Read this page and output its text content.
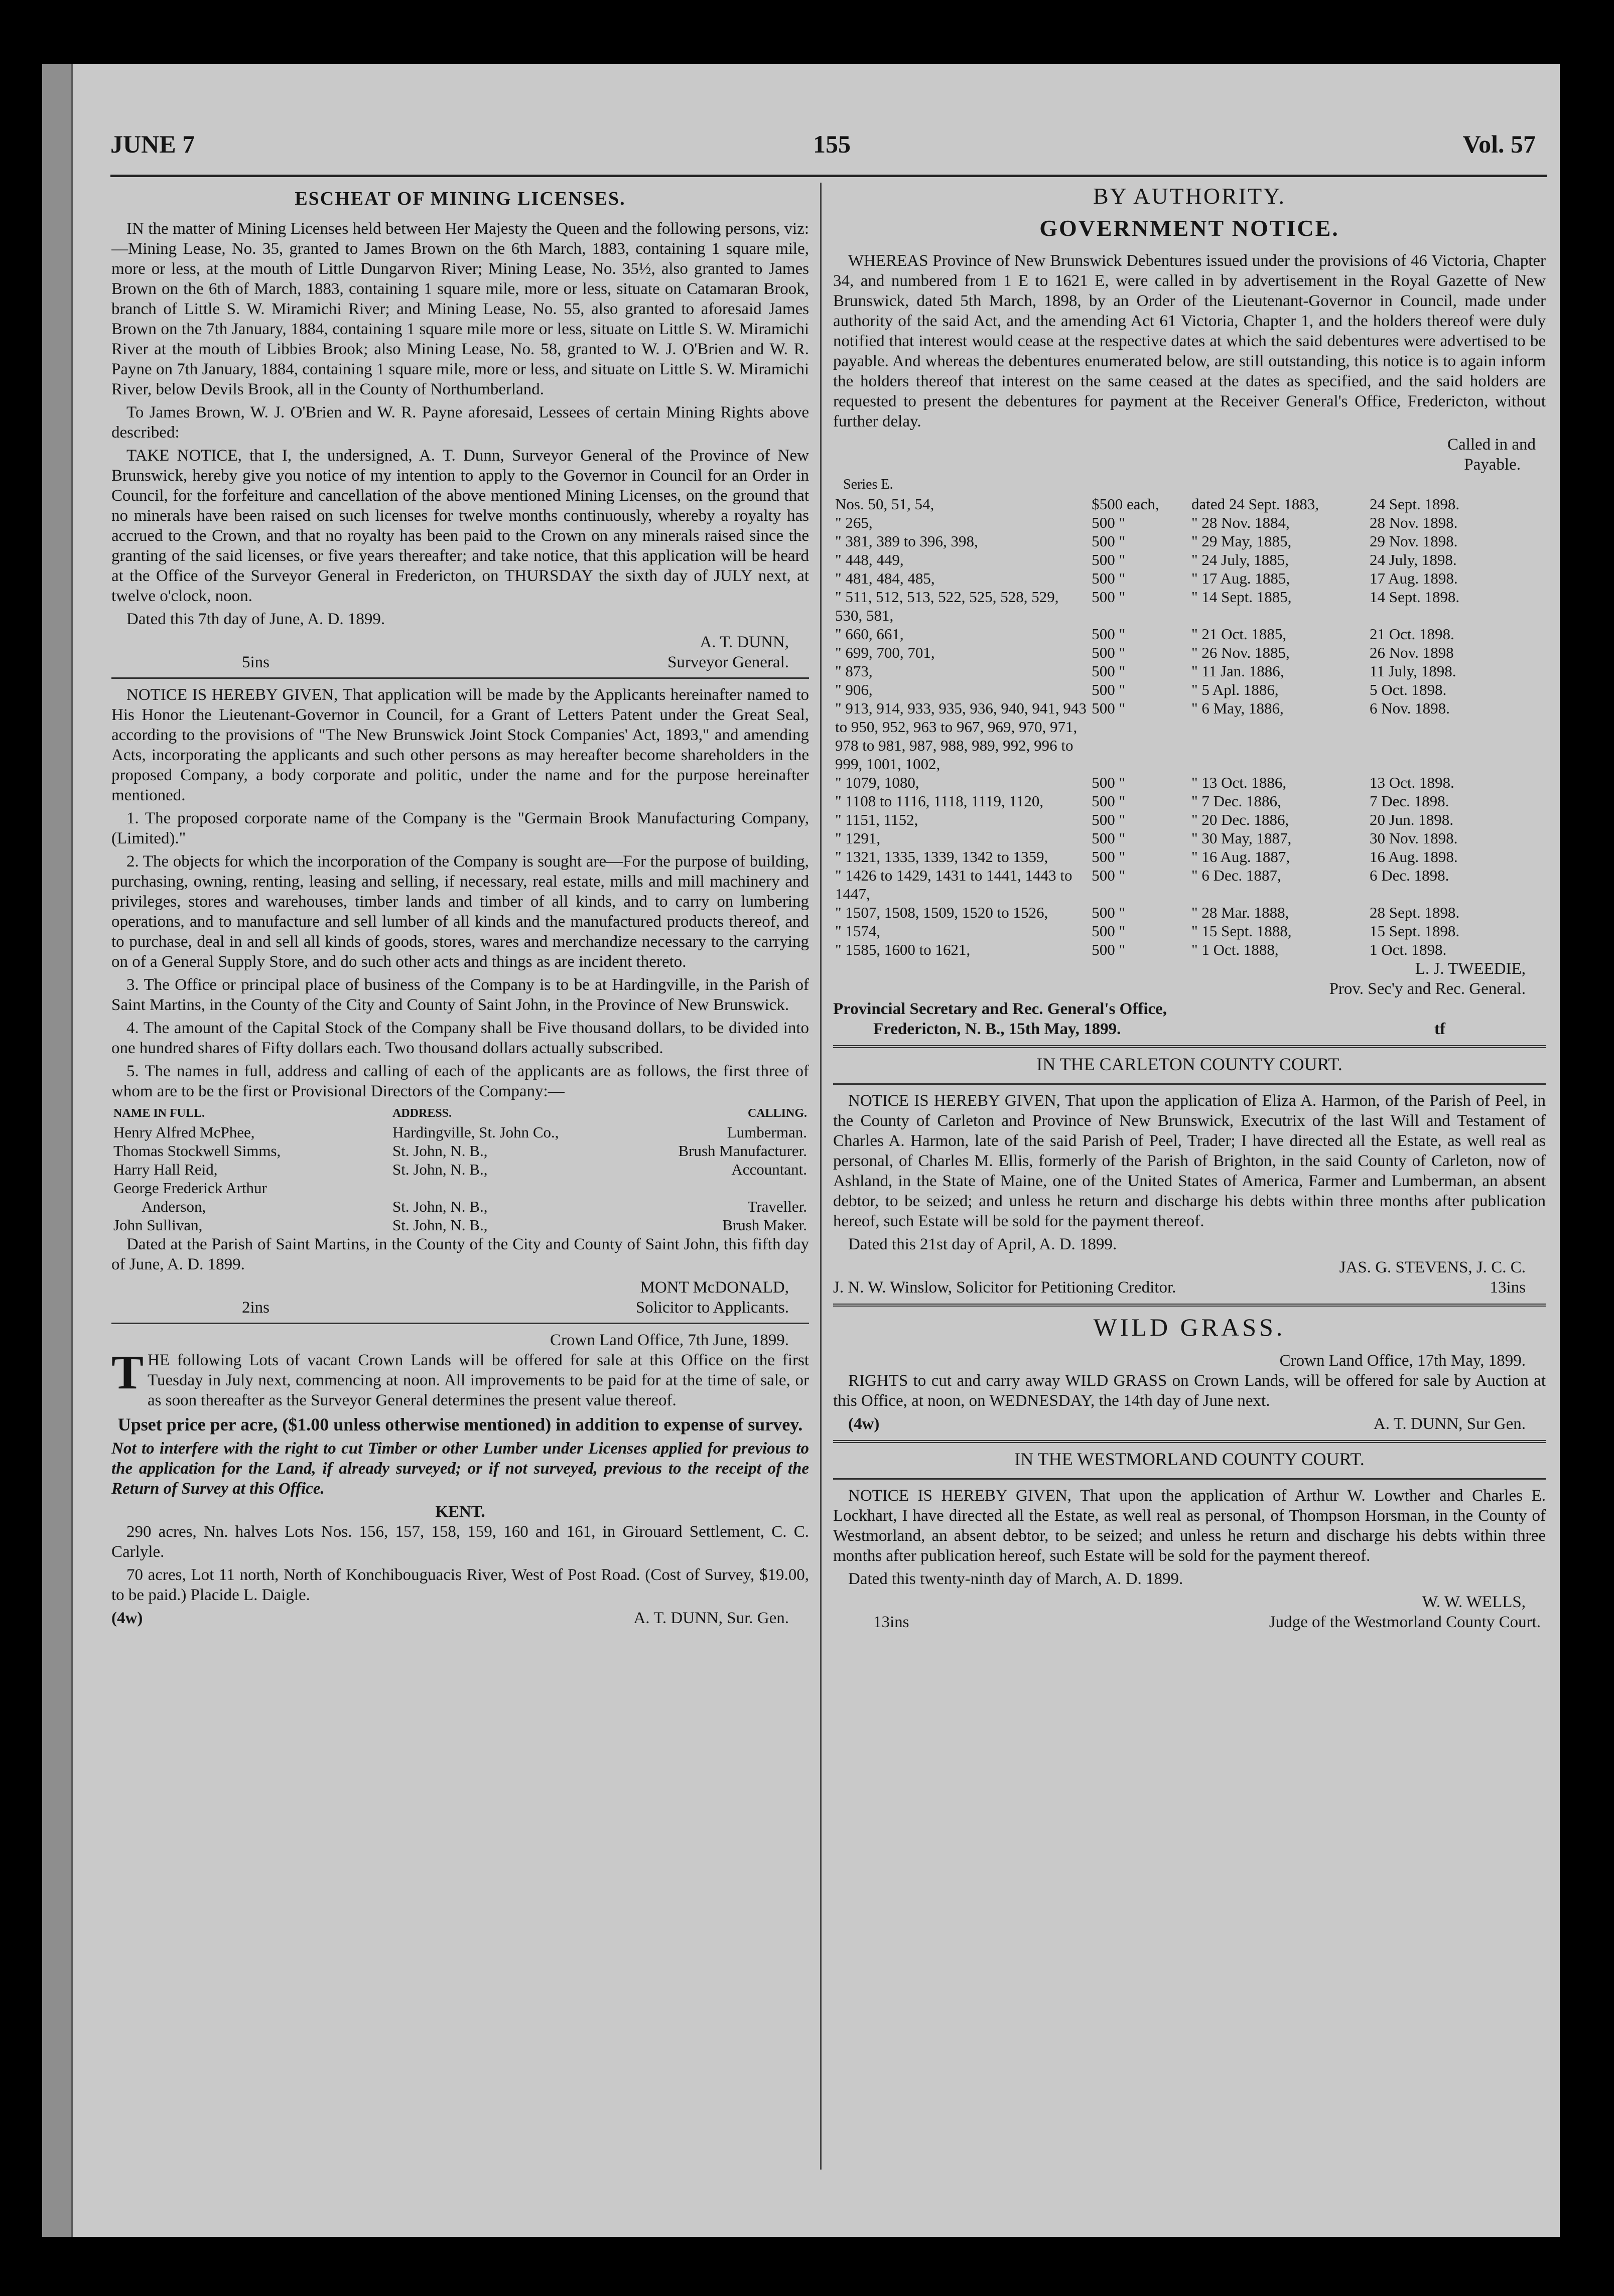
JUNE 7	155	Vol. 57
ESCHEAT OF MINING LICENSES.

IN the matter of Mining Licenses held between Her Majesty the Queen and the following persons, viz:—Mining Lease, No. 35, granted to James Brown on the 6th March, 1883, containing 1 square mile, more or less, at the mouth of Little Dungarvon River; Mining Lease, No. 35½, also granted to James Brown on the 6th of March, 1883, containing 1 square mile, more or less, situate on Catamaran Brook, branch of Little S. W. Miramichi River; and Mining Lease, No. 55, also granted to aforesaid James Brown on the 7th January, 1884, containing 1 square mile more or less, situate on Little S. W. Miramichi River at the mouth of Libbies Brook; also Mining Lease, No. 58, granted to W. J. O'Brien and W. R. Payne on 7th January, 1884, containing 1 square mile, more or less, and situate on Little S. W. Miramichi River, below Devils Brook, all in the County of Northumberland.

To James Brown, W. J. O'Brien and W. R. Payne aforesaid, Lessees of certain Mining Rights above described:

TAKE NOTICE, that I, the undersigned, A. T. Dunn, Surveyor General of the Province of New Brunswick, hereby give you notice of my intention to apply to the Governor in Council for an Order in Council, for the forfeiture and cancellation of the above mentioned Mining Licenses, on the ground that no minerals have been raised on such licenses for twelve months continuously, whereby a royalty has accrued to the Crown, and that no royalty has been paid to the Crown on any minerals raised since the granting of the said licenses, or five years thereafter; and take notice, that this application will be heard at the Office of the Surveyor General in Fredericton, on THURSDAY the sixth day of JULY next, at twelve o'clock, noon.

Dated this 7th day of June, A. D. 1899.

A. T. DUNN,
5ins	Surveyor General.

NOTICE IS HEREBY GIVEN, That application will be made by the Applicants hereinafter named to His Honor the Lieutenant-Governor in Council, for a Grant of Letters Patent under the Great Seal, according to the provisions of "The New Brunswick Joint Stock Companies' Act, 1893," and amending Acts, incorporating the applicants and such other persons as may hereafter become shareholders in the proposed Company, a body corporate and politic, under the name and for the purpose hereinafter mentioned.

1. The proposed corporate name of the Company is the "Germain Brook Manufacturing Company, (Limited)."

2. The objects for which the incorporation of the Company is sought are—For the purpose of building, purchasing, owning, renting, leasing and selling, if necessary, real estate, mills and mill machinery and privileges, stores and warehouses, timber lands and timber of all kinds, and to carry on lumbering operations, and to manufacture and sell lumber of all kinds and the manufactured products thereof, and to purchase, deal in and sell all kinds of goods, stores, wares and merchandize necessary to the carrying on of a General Supply Store, and do such other acts and things as are incident thereto.

3. The Office or principal place of business of the Company is to be at Hardingville, in the Parish of Saint Martins, in the County of the City and County of Saint John, in the Province of New Brunswick.

4. The amount of the Capital Stock of the Company shall be Five thousand dollars, to be divided into one hundred shares of Fifty dollars each. Two thousand dollars actually subscribed.

5. The names in full, address and calling of each of the applicants are as follows, the first three of whom are to be the first or Provisional Directors of the Company:—

NAME IN FULL.	ADDRESS.	CALLING.
Henry Alfred McPhee,	Hardingville, St. John Co.,	Lumberman.
Thomas Stockwell Simms,	St. John, N. B.,	Brush Manufacturer.
Harry Hall Reid,	St. John, N. B.,	Accountant.
George Frederick Arthur		
Anderson,	St. John, N. B.,	Traveller.
John Sullivan,	St. John, N. B.,	Brush Maker.

Dated at the Parish of Saint Martins, in the County of the City and County of Saint John, this fifth day of June, A. D. 1899.

MONT McDONALD,
2ins	Solicitor to Applicants.
Crown Land Office, 7th June, 1899.

THE following Lots of vacant Crown Lands will be offered for sale at this Office on the first Tuesday in July next, commencing at noon. All improvements to be paid for at the time of sale, or as soon thereafter as the Surveyor General determines the present value thereof.

Upset price per acre, ($1.00 unless otherwise mentioned) in addition to expense of survey.

Not to interfere with the right to cut Timber or other Lumber under Licenses applied for previous to the application for the Land, if already surveyed; or if not surveyed, previous to the receipt of the Return of Survey at this Office.

KENT.

290 acres, Nn. halves Lots Nos. 156, 157, 158, 159, 160 and 161, in Girouard Settlement, C. C. Carlyle.

70 acres, Lot 11 north, North of Konchibouguacis River, West of Post Road. (Cost of Survey, $19.00, to be paid.) Placide L. Daigle.

(4w)	A. T. DUNN, Sur. Gen.
BY AUTHORITY.
GOVERNMENT NOTICE.

WHEREAS Province of New Brunswick Debentures issued under the provisions of 46 Victoria, Chapter 34, and numbered from 1 E to 1621 E, were called in by advertisement in the Royal Gazette of New Brunswick, dated 5th March, 1898, by an Order of the Lieutenant-Governor in Council, made under authority of the said Act, and the amending Act 61 Victoria, Chapter 1, and the holders thereof were duly notified that interest would cease at the respective dates at which the said debentures were advertised to be payable. And whereas the debentures enumerated below, are still outstanding, this notice is to again inform the holders thereof that interest on the same ceased at the dates as specified, and the said holders are requested to present the debentures for payment at the Receiver General's Office, Fredericton, without further delay.

Called in and
Payable.
Series E.
Nos. 50, 51, 54,	$500 each,	dated 24 Sept. 1883,	24 Sept. 1898.
" 265,	500 "	" 28 Nov. 1884,	28 Nov. 1898.
" 381, 389 to 396, 398,	500 "	" 29 May, 1885,	29 Nov. 1898.
" 448, 449,	500 "	" 24 July, 1885,	24 July, 1898.
" 481, 484, 485,	500 "	" 17 Aug. 1885,	17 Aug. 1898.
" 511, 512, 513, 522, 525, 528, 529, 530, 581,	500 "	" 14 Sept. 1885,	14 Sept. 1898.
" 660, 661,	500 "	" 21 Oct. 1885,	21 Oct. 1898.
" 699, 700, 701,	500 "	" 26 Nov. 1885,	26 Nov. 1898
" 873,	500 "	" 11 Jan. 1886,	11 July, 1898.
" 906,	500 "	" 5 Apl. 1886,	5 Oct. 1898.
" 913, 914, 933, 935, 936, 940, 941, 943 to 950, 952, 963 to 967, 969, 970, 971, 978 to 981, 987, 988, 989, 992, 996 to 999, 1001, 1002,	500 "	" 6 May, 1886,	6 Nov. 1898.
" 1079, 1080,	500 "	" 13 Oct. 1886,	13 Oct. 1898.
" 1108 to 1116, 1118, 1119, 1120,	500 "	" 7 Dec. 1886,	7 Dec. 1898.
" 1151, 1152,	500 "	" 20 Dec. 1886,	20 Jun. 1898.
" 1291,	500 "	" 30 May, 1887,	30 Nov. 1898.
" 1321, 1335, 1339, 1342 to 1359,	500 "	" 16 Aug. 1887,	16 Aug. 1898.
" 1426 to 1429, 1431 to 1441, 1443 to 1447,	500 "	" 6 Dec. 1887,	6 Dec. 1898.
" 1507, 1508, 1509, 1520 to 1526,	500 "	" 28 Mar. 1888,	28 Sept. 1898.
" 1574,	500 "	" 15 Sept. 1888,	15 Sept. 1898.
" 1585, 1600 to 1621,	500 "	" 1 Oct. 1888,	1 Oct. 1898.
L. J. TWEEDIE,
Prov. Sec'y and Rec. General.
Provincial Secretary and Rec. General's Office,
Fredericton, N. B., 15th May, 1899.	tf
IN THE CARLETON COUNTY COURT.

NOTICE IS HEREBY GIVEN, That upon the application of Eliza A. Harmon, of the Parish of Peel, in the County of Carleton and Province of New Brunswick, Executrix of the last Will and Testament of Charles A. Harmon, late of the said Parish of Peel, Trader; I have directed all the Estate, as well real as personal, of Charles M. Ellis, formerly of the Parish of Brighton, in the said County of Carleton, now of Ashland, in the State of Maine, one of the United States of America, Farmer and Lumberman, an absent debtor, to be seized; and unless he return and discharge his debts within three months after publication hereof, such Estate will be sold for the payment thereof.

Dated this 21st day of April, A. D. 1899.

JAS. G. STEVENS, J. C. C.
J. N. W. Winslow, Solicitor for Petitioning Creditor.	13ins
WILD GRASS.
Crown Land Office, 17th May, 1899.

RIGHTS to cut and carry away WILD GRASS on Crown Lands, will be offered for sale by Auction at this Office, at noon, on WEDNESDAY, the 14th day of June next.

(4w)	A. T. DUNN, Sur Gen.
IN THE WESTMORLAND COUNTY COURT.

NOTICE IS HEREBY GIVEN, That upon the application of Arthur W. Lowther and Charles E. Lockhart, I have directed all the Estate, as well real as personal, of Thompson Horsman, in the County of Westmorland, an absent debtor, to be seized; and unless he return and discharge his debts within three months after publication hereof, such Estate will be sold for the payment thereof.

Dated this twenty-ninth day of March, A. D. 1899.

W. W. WELLS,
13ins	Judge of the Westmorland County Court.
